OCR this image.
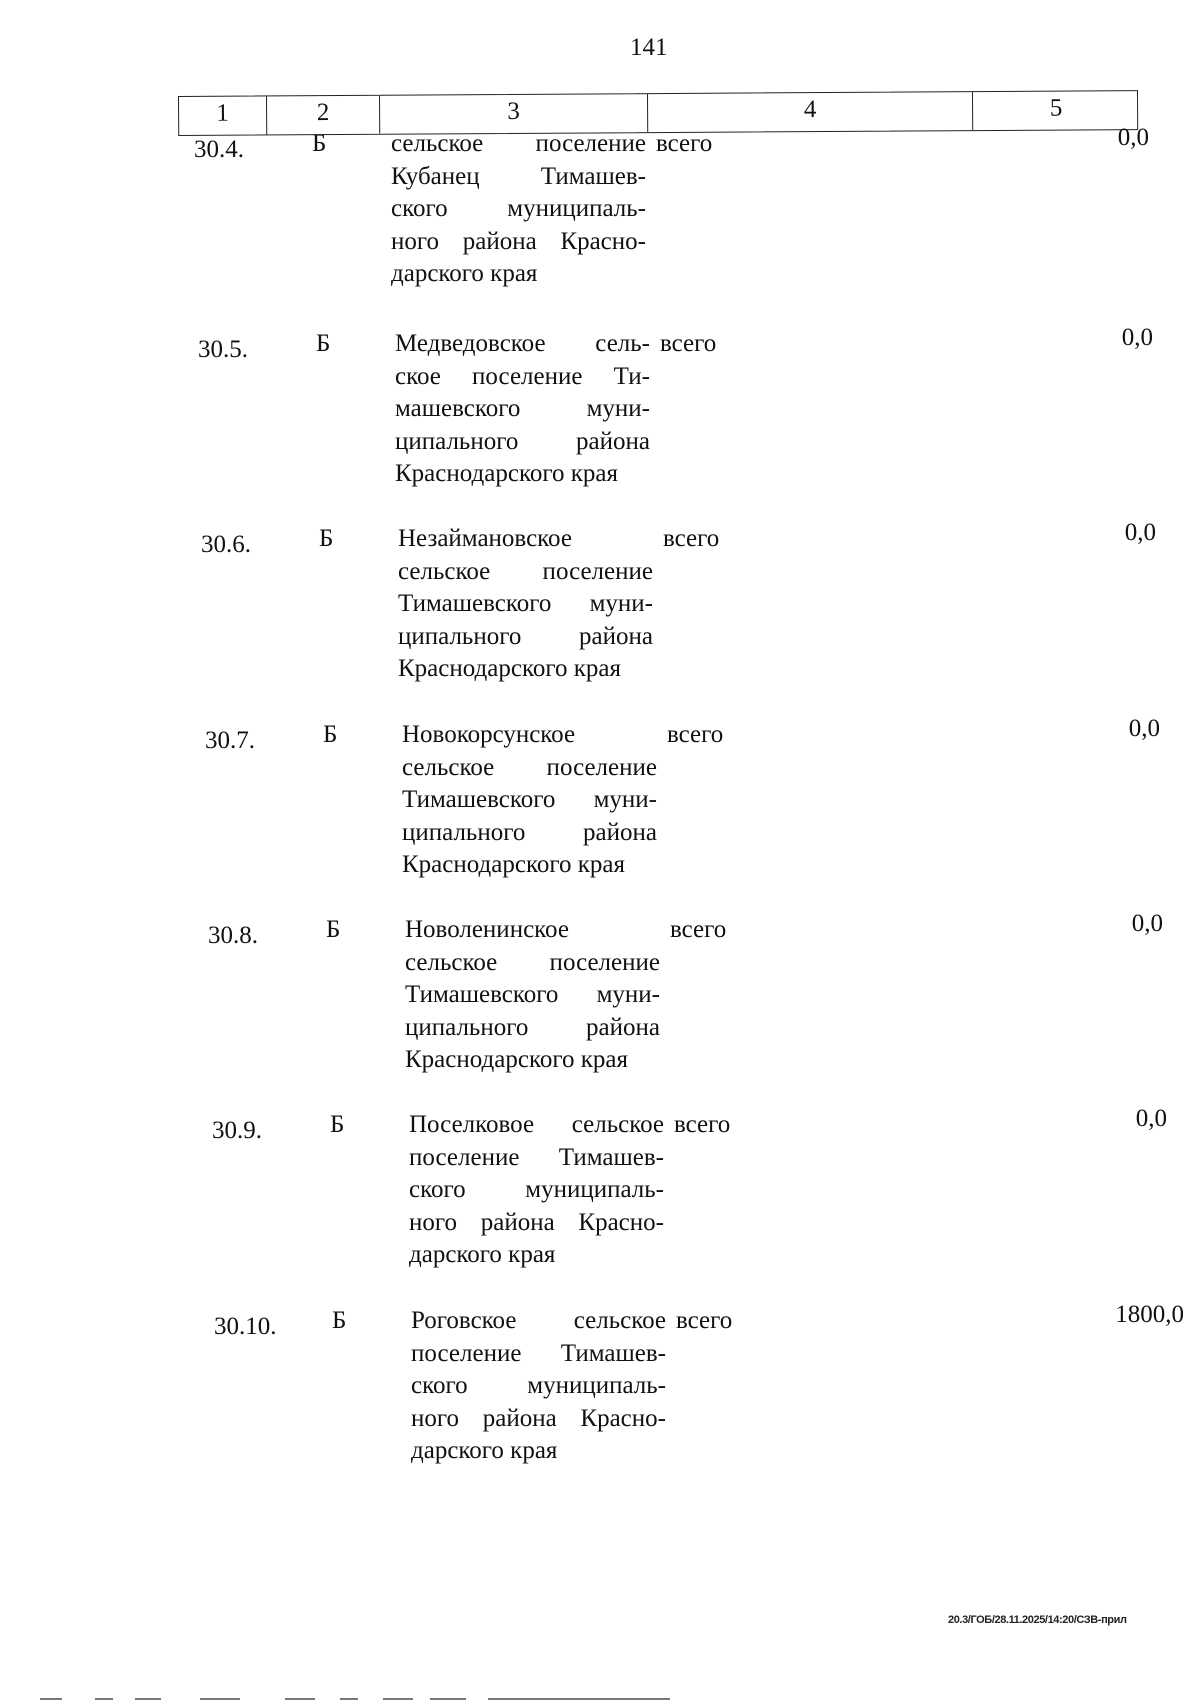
141
1	2	3	4	5
30.4.	Б	сельское поселение
Кубанец Тимашев-
ского муниципаль-
ного района Красно-
дарского края
всего	0,0
30.5.	Б	Медведовское сель-
ское поселение Ти-
машевского муни-
ципального района
Краснодарского края
всего	0,0
30.6.	Б	Незаймановское
сельское поселение
Тимашевского муни-
ципального района
Краснодарского края
всего	0,0
30.7.	Б	Новокорсунское
сельское поселение
Тимашевского муни-
ципального района
Краснодарского края
всего	0,0
30.8.	Б	Новоленинское
сельское поселение
Тимашевского муни-
ципального района
Краснодарского края
всего	0,0
30.9.	Б	Поселковое сельское
поселение Тимашев-
ского муниципаль-
ного района Красно-
дарского края
всего	0,0
30.10.	Б	Роговское сельское
поселение Тимашев-
ского муниципаль-
ного района Красно-
дарского края
всего	1800,0
20.3/ГОБ/28.11.2025/14:20/СЗВ-прил
